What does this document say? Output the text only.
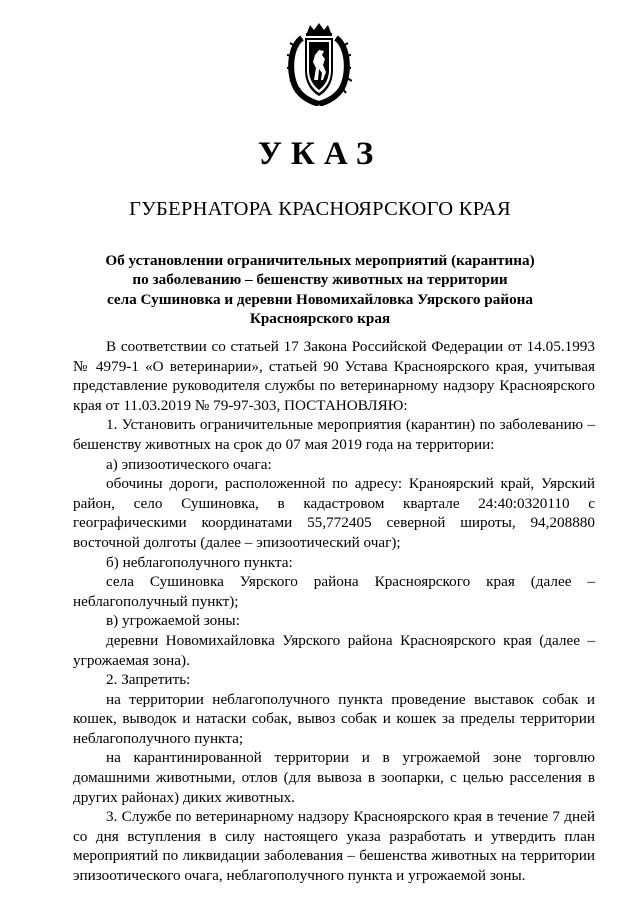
УКАЗ
ГУБЕРНАТОРА КРАСНОЯРСКОГО КРАЯ
Об установлении ограничительных мероприятий (карантина)
по заболеванию – бешенству животных на территории
села Сушиновка и деревни Новомихайловка Уярского района
Красноярского края

В соответствии со статьей 17 Закона Российской Федерации от 14.05.1993 № 4979-1 «О ветеринарии», статьей 90 Устава Красноярского края, учитывая представление руководителя службы по ветеринарному надзору Красноярского края от 11.03.2019 № 79-97-303, ПОСТАНОВЛЯЮ:

1. Установить ограничительные мероприятия (карантин) по заболеванию – бешенству животных на срок до 07 мая 2019 года на территории:

а) эпизоотического очага:

обочины дороги, расположенной по адресу: Краноярский край, Уярский район, село Сушиновка, в кадастровом квартале 24:40:0320110 с географическими координатами 55,772405 северной широты, 94,208880 восточной долготы (далее – эпизоотический очаг);

б) неблагополучного пункта:

села Сушиновка Уярского района Красноярского края (далее – неблагополучный пункт);

в) угрожаемой зоны:

деревни Новомихайловка Уярского района Красноярского края (далее – угрожаемая зона).

2. Запретить:

на территории неблагополучного пункта проведение выставок собак и кошек, выводок и натаски собак, вывоз собак и кошек за пределы территории неблагополучного пункта;

на карантинированной территории и в угрожаемой зоне торговлю домашними животными, отлов (для вывоза в зоопарки, с целью расселения в других районах) диких животных.

3. Службе по ветеринарному надзору Красноярского края в течение 7 дней со дня вступления в силу настоящего указа разработать и утвердить план мероприятий по ликвидации заболевания – бешенства животных на территории эпизоотического очага, неблагополучного пункта и угрожаемой зоны.
